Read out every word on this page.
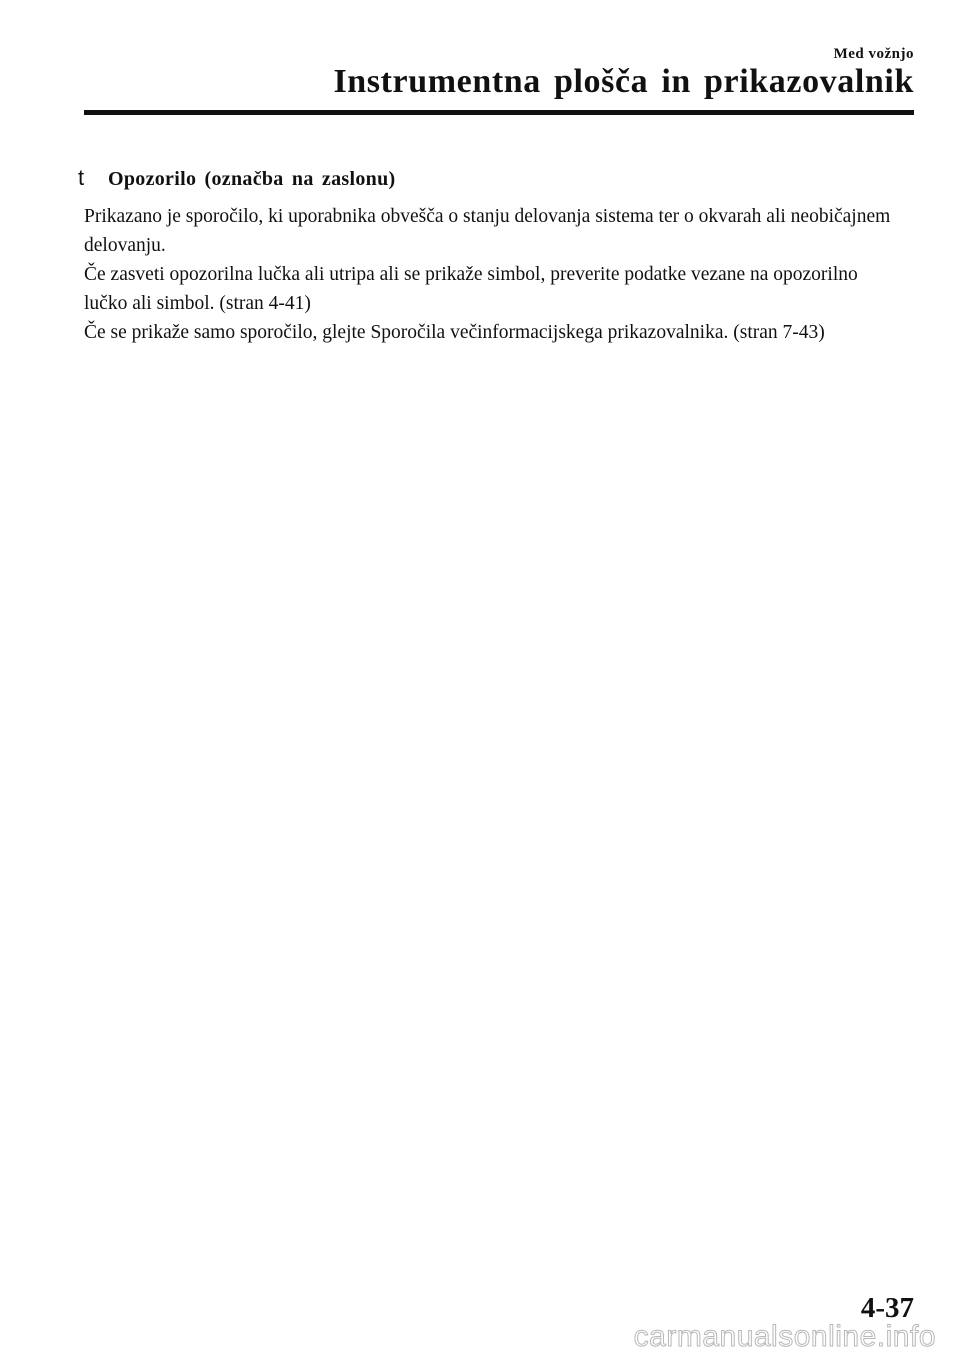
Med vožnjo
Instrumentna plošča in prikazovalnik
t	Opozorilo (označba na zaslonu)

Prikazano je sporočilo, ki uporabnika obvešča o stanju delovanja sistema ter o okvarah ali neobičajnem delovanju.

Če zasveti opozorilna lučka ali utripa ali se prikaže simbol, preverite podatke vezane na opozorilno lučko ali simbol. (stran 4-41)

Če se prikaže samo sporočilo, glejte Sporočila večinformacijskega prikazovalnika. (stran 7-43)

4-37
carmanualsonline.info
